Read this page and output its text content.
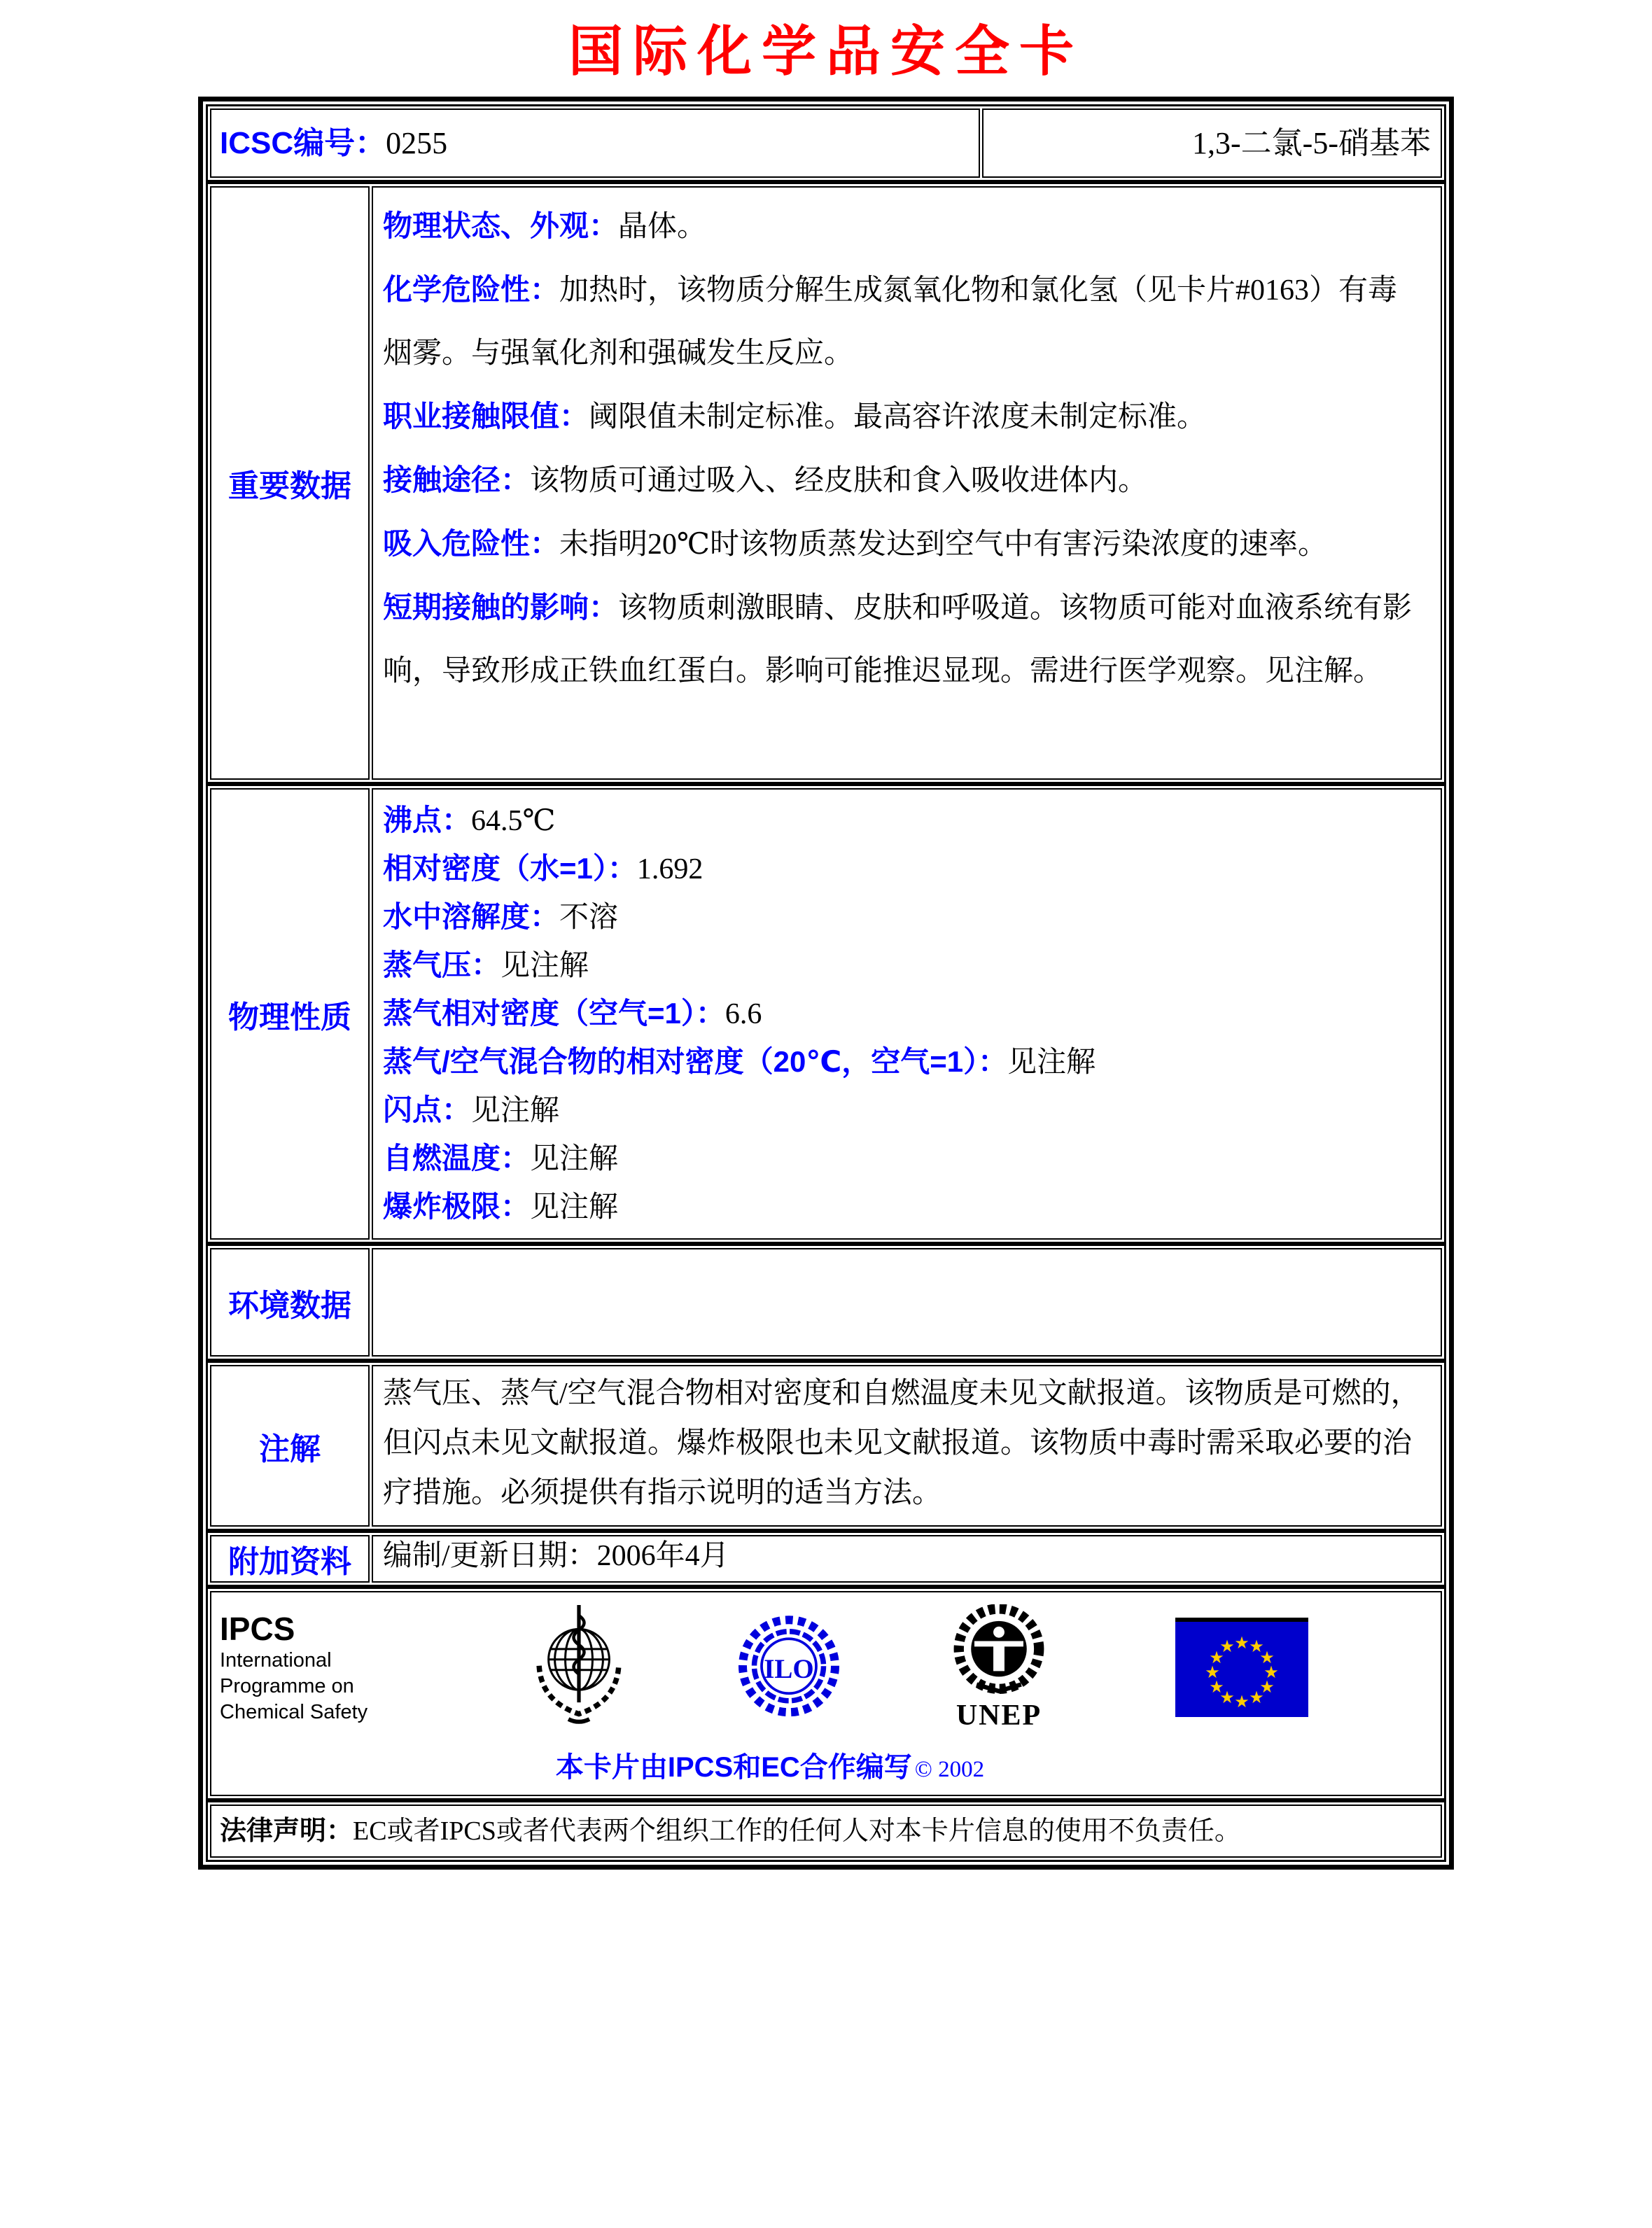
国际化学品安全卡
ICSC编号：0255	1,3-二氯-5-硝基苯
重要数据

物理状态、外观：晶体。

化学危险性：加热时，该物质分解生成氮氧化物和氯化氢（见卡片#0163）有毒烟雾。与强氧化剂和强碱发生反应。

职业接触限值：阈限值未制定标准。最高容许浓度未制定标准。

接触途径：该物质可通过吸入、经皮肤和食入吸收进体内。

吸入危险性：未指明20℃时该物质蒸发达到空气中有害污染浓度的速率。

短期接触的影响：该物质刺激眼睛、皮肤和呼吸道。该物质可能对血液系统有影响，导致形成正铁血红蛋白。影响可能推迟显现。需进行医学观察。见注解。

物理性质

沸点：64.5℃

相对密度（水=1）：1.692

水中溶解度：不溶

蒸气压：见注解

蒸气相对密度（空气=1）：6.6

蒸气/空气混合物的相对密度（20℃，空气=1）：见注解

闪点：见注解

自燃温度：见注解

爆炸极限：见注解

环境数据
注解

蒸气压、蒸气/空气混合物相对密度和自燃温度未见文献报道。该物质是可燃的，但闪点未见文献报道。爆炸极限也未见文献报道。该物质中毒时需采取必要的治疗措施。必须提供有指示说明的适当方法。

附加资料	编制/更新日期：2006年4月

IPCS
International
Programme on
Chemical Safety
ILO
UNEP
★ ★
★
★
★
★
★
★
★
★
★
★
本卡片由IPCS和EC合作编写 © 2002
法律声明：EC或者IPCS或者代表两个组织工作的任何人对本卡片信息的使用不负责任。
